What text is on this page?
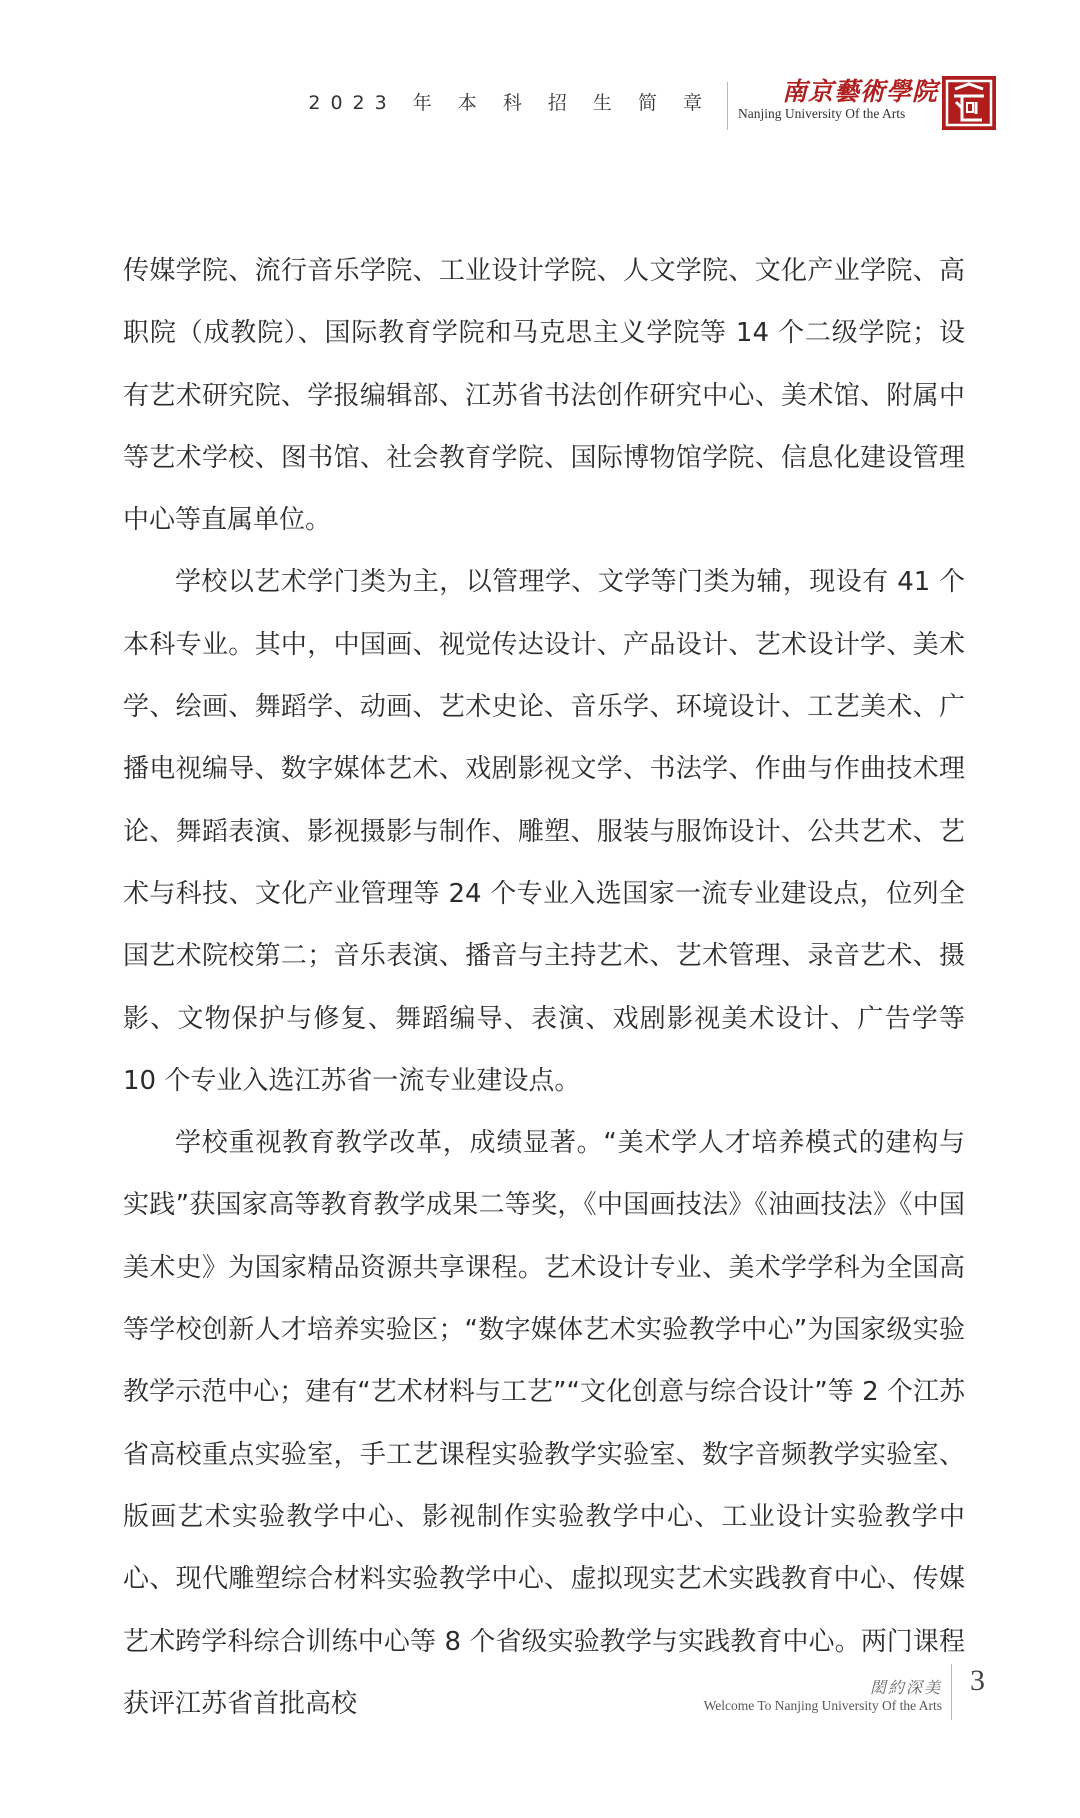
2023 年 本 科 招 生 简 章	南京藝術學院
Nanjing University Of the Arts

传媒学院、流行音乐学院、工业设计学院、人文学院、文化产业学院、高职院（成教院）、国际教育学院和马克思主义学院等 14 个二级学院；设有艺术研究院、学报编辑部、江苏省书法创作研究中心、美术馆、附属中等艺术学校、图书馆、社会教育学院、国际博物馆学院、信息化建设管理中心等直属单位。

学校以艺术学门类为主，以管理学、文学等门类为辅，现设有 41 个本科专业。其中，中国画、视觉传达设计、产品设计、艺术设计学、美术学、绘画、舞蹈学、动画、艺术史论、音乐学、环境设计、工艺美术、广播电视编导、数字媒体艺术、戏剧影视文学、书法学、作曲与作曲技术理论、舞蹈表演、影视摄影与制作、雕塑、服装与服饰设计、公共艺术、艺术与科技、文化产业管理等 24 个专业入选国家一流专业建设点，位列全国艺术院校第二；音乐表演、播音与主持艺术、艺术管理、录音艺术、摄影、文物保护与修复、舞蹈编导、表演、戏剧影视美术设计、广告学等 10 个专业入选江苏省一流专业建设点。

学校重视教育教学改革，成绩显著。“美术学人才培养模式的建构与实践”获国家高等教育教学成果二等奖，《中国画技法》《油画技法》《中国美术史》为国家精品资源共享课程。艺术设计专业、美术学学科为全国高等学校创新人才培养实验区；“数字媒体艺术实验教学中心”为国家级实验教学示范中心；建有“艺术材料与工艺”“文化创意与综合设计”等 2 个江苏省高校重点实验室，手工艺课程实验教学实验室、数字音频教学实验室、版画艺术实验教学中心、影视制作实验教学中心、工业设计实验教学中心、现代雕塑综合材料实验教学中心、虚拟现实艺术实践教育中心、传媒艺术跨学科综合训练中心等 8 个省级实验教学与实践教育中心。两门课程获评江苏省首批高校

閎約深美
Welcome To Nanjing University Of the Arts
3
